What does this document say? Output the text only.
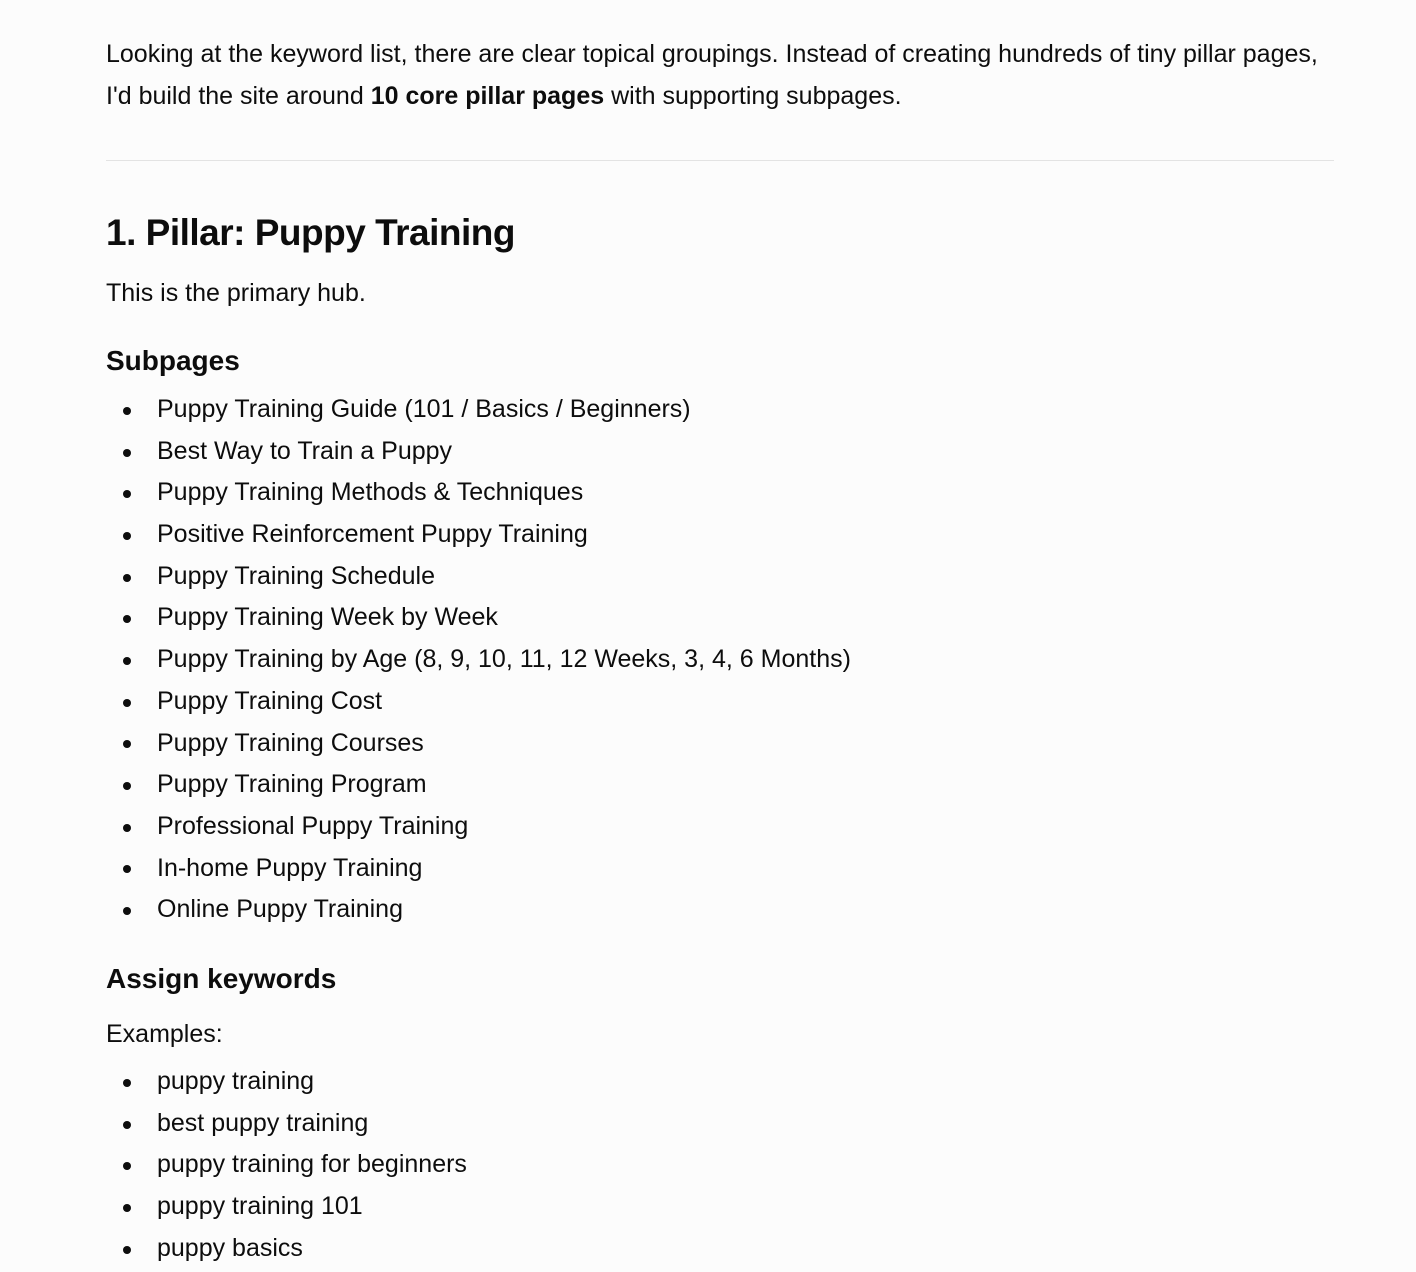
Looking at the keyword list, there are clear topical groupings. Instead of creating hundreds of tiny pillar pages, I'd build the site around 10 core pillar pages with supporting subpages.

1. Pillar: Puppy Training

This is the primary hub.

Subpages
Puppy Training Guide (101 / Basics / Beginners)
Best Way to Train a Puppy
Puppy Training Methods & Techniques
Positive Reinforcement Puppy Training
Puppy Training Schedule
Puppy Training Week by Week
Puppy Training by Age (8, 9, 10, 11, 12 Weeks, 3, 4, 6 Months)
Puppy Training Cost
Puppy Training Courses
Puppy Training Program
Professional Puppy Training
In-home Puppy Training
Online Puppy Training
Assign keywords

Examples:

puppy training
best puppy training
puppy training for beginners
puppy training 101
puppy basics
